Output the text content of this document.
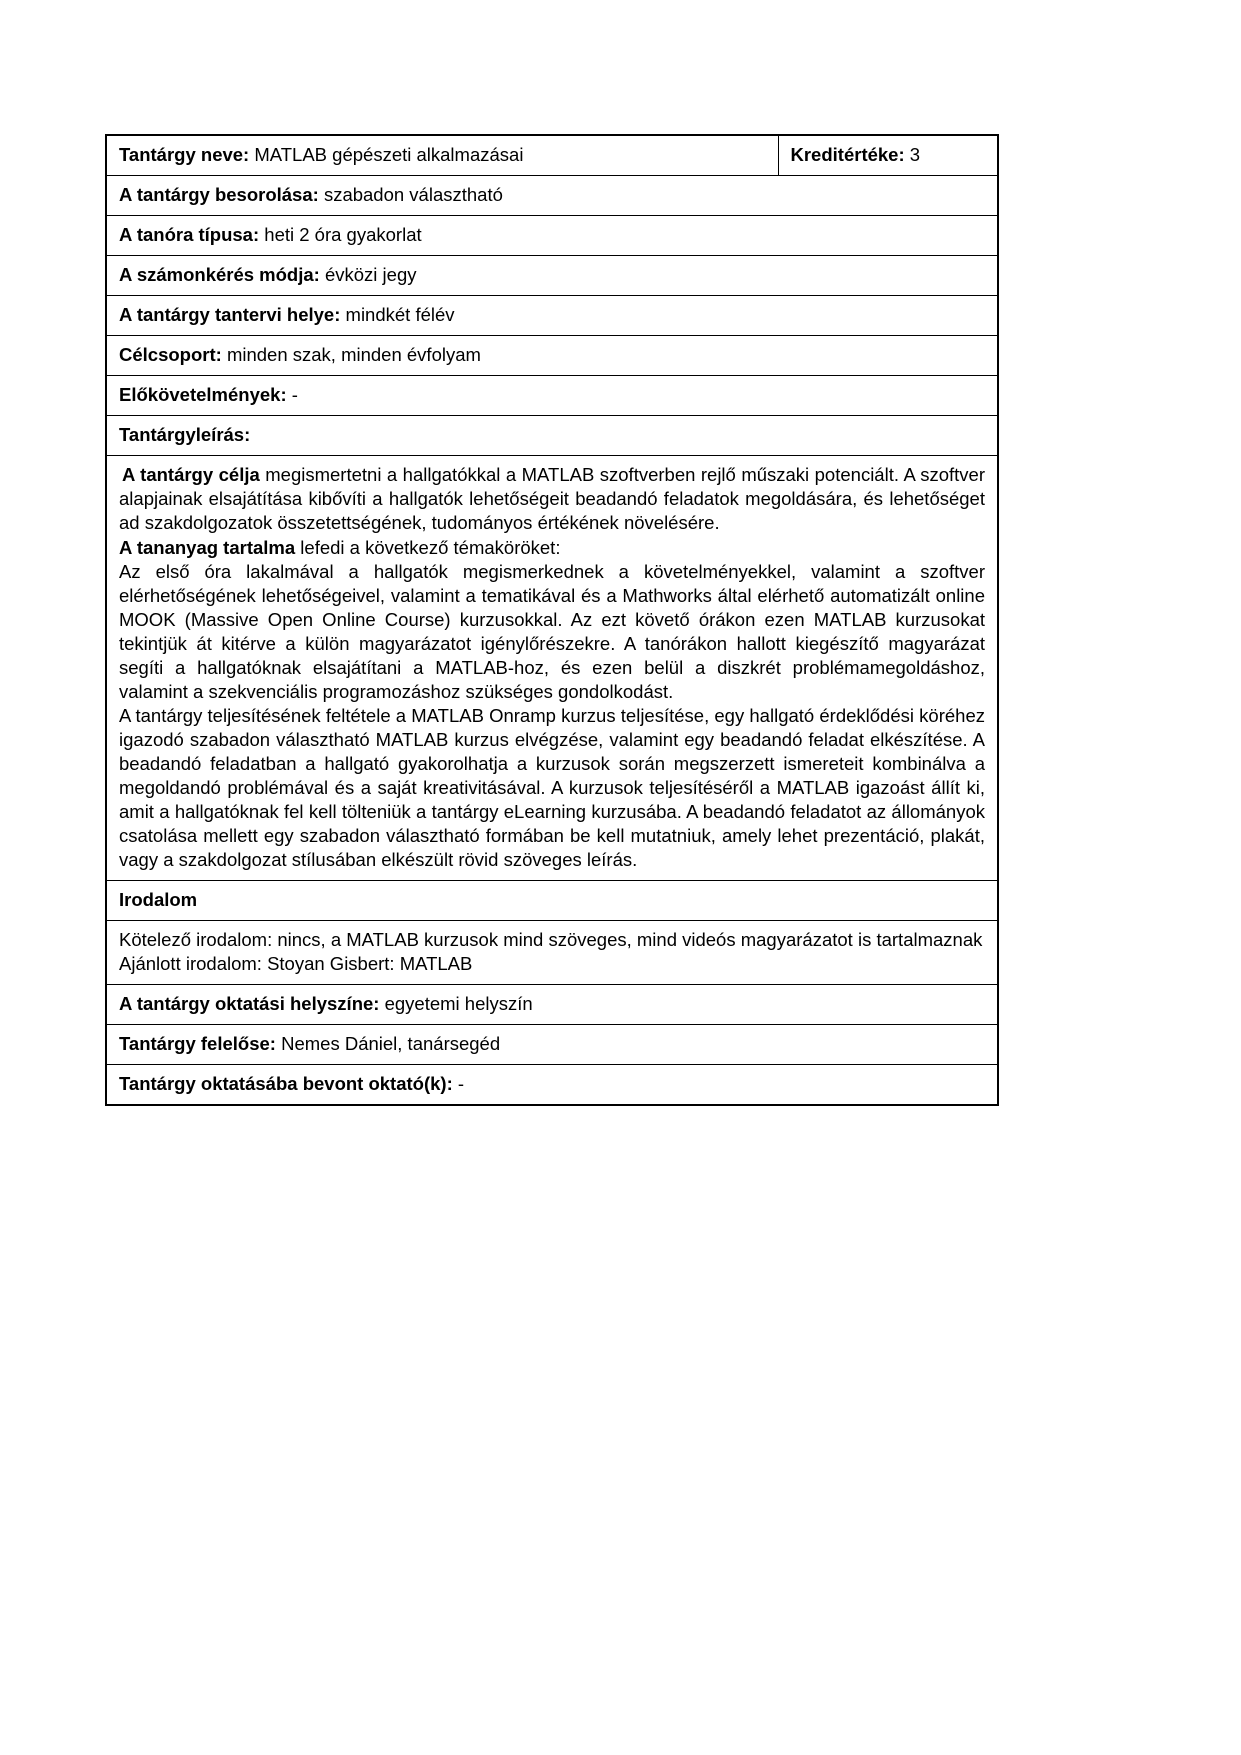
Tantárgy neve: MATLAB gépészeti alkalmazásai	Kreditértéke: 3
A tantárgy besorolása: szabadon választható
A tanóra típusa: heti 2 óra gyakorlat
A számonkérés módja: évközi jegy
A tantárgy tantervi helye: mindkét félév
Célcsoport: minden szak, minden évfolyam
Előkövetelmények: -
Tantárgyleírás:

A tantárgy célja megismertetni a hallgatókkal a MATLAB szoftverben rejlő műszaki potenciált. A szoftver alapjainak elsajátítása kibővíti a hallgatók lehetőségeit beadandó feladatok megoldására, és lehetőséget ad szakdolgozatok összetettségének, tudományos értékének növelésére.

A tananyag tartalma lefedi a következő témaköröket:

Az első óra lakalmával a hallgatók megismerkednek a követelményekkel, valamint a szoftver elérhetőségének lehetőségeivel, valamint a tematikával és a Mathworks által elérhető automatizált online MOOK (Massive Open Online Course) kurzusokkal. Az ezt követő órákon ezen MATLAB kurzusokat tekintjük át kitérve a külön magyarázatot igénylőrészekre. A tanórákon hallott kiegészítő magyarázat segíti a hallgatóknak elsajátítani a MATLAB-hoz, és ezen belül a diszkrét problémamegoldáshoz, valamint a szekvenciális programozáshoz szükséges gondolkodást.

A tantárgy teljesítésének feltétele a MATLAB Onramp kurzus teljesítése, egy hallgató érdeklődési köréhez igazodó szabadon választható MATLAB kurzus elvégzése, valamint egy beadandó feladat elkészítése. A beadandó feladatban a hallgató gyakorolhatja a kurzusok során megszerzett ismereteit kombinálva a megoldandó problémával és a saját kreativitásával. A kurzusok teljesítéséről a MATLAB igazoást állít ki, amit a hallgatóknak fel kell tölteniük a tantárgy eLearning kurzusába. A beadandó feladatot az állományok csatolása mellett egy szabadon választható formában be kell mutatniuk, amely lehet prezentáció, plakát, vagy a szakdolgozat stílusában elkészült rövid szöveges leírás.

Irodalom

Kötelező irodalom: nincs, a MATLAB kurzusok mind szöveges, mind videós magyarázatot is tartalmaznak

Ajánlott irodalom: Stoyan Gisbert: MATLAB

A tantárgy oktatási helyszíne: egyetemi helyszín
Tantárgy felelőse: Nemes Dániel, tanársegéd
Tantárgy oktatásába bevont oktató(k): -
